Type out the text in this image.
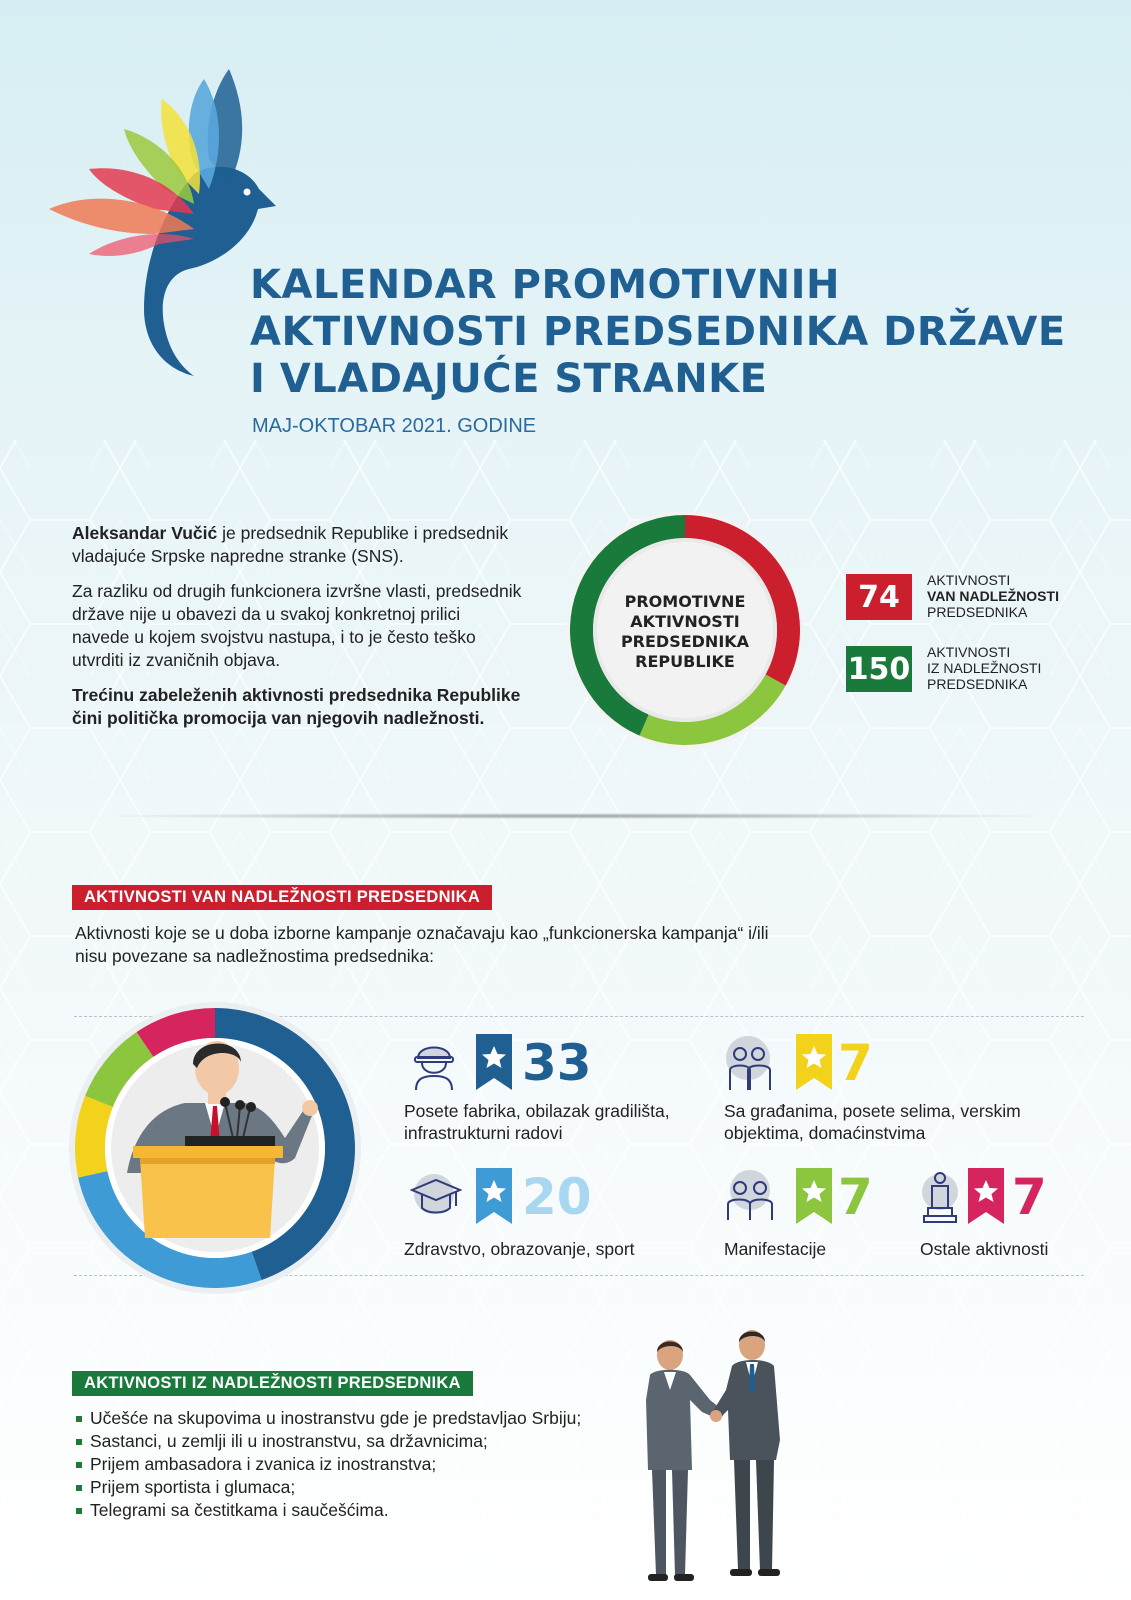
KALENDAR PROMOTIVNIH
AKTIVNOSTI PREDSEDNIKA DRŽAVE
I VLADAJUĆE STRANKE
MAJ-OKTOBAR 2021. GODINE

Aleksandar Vučić je predsednik Republike i predsednik vladajuće Srpske napredne stranke (SNS).

Za razliku od drugih funkcionera izvršne vlasti, predsednik države nije u obavezi da u svakoj konkretnoj prilici navede u kojem svojstvu nastupa, i to je često teško utvrditi iz zvaničnih objava.

Trećinu zabeleženih aktivnosti predsednika Republike čini politička promocija van njegovih nadležnosti.

PROMOTIVNE
AKTIVNOSTI
PREDSEDNIKA
REPUBLIKE
74	AKTIVNOSTI
VAN NADLEŽNOSTI
PREDSEDNIKA
150 AKTIVNOSTI
IZ NADLEŽNOSTI
PREDSEDNIKA
AKTIVNOSTI VAN NADLEŽNOSTI PREDSEDNIKA
Aktivnosti koje se u doba izborne kampanje označavaju kao „funkcionerska kampanja“ i/ili nisu povezane sa nadležnostima predsednika:
33
Posete fabrika, obilazak gradilišta, infrastrukturni radovi
7
Sa građanima, posete selima, verskim objektima, domaćinstvima
20
Zdravstvo, obrazovanje, sport
7
Manifestacije
7
Ostale aktivnosti
AKTIVNOSTI IZ NADLEŽNOSTI PREDSEDNIKA
Učešće na skupovima u inostranstvu gde je predstavljao Srbiju;
Sastanci, u zemlji ili u inostranstvu, sa državnicima;
Prijem ambasadora i zvanica iz inostranstva;
Prijem sportista i glumaca;
Telegrami sa čestitkama i saučešćima.
